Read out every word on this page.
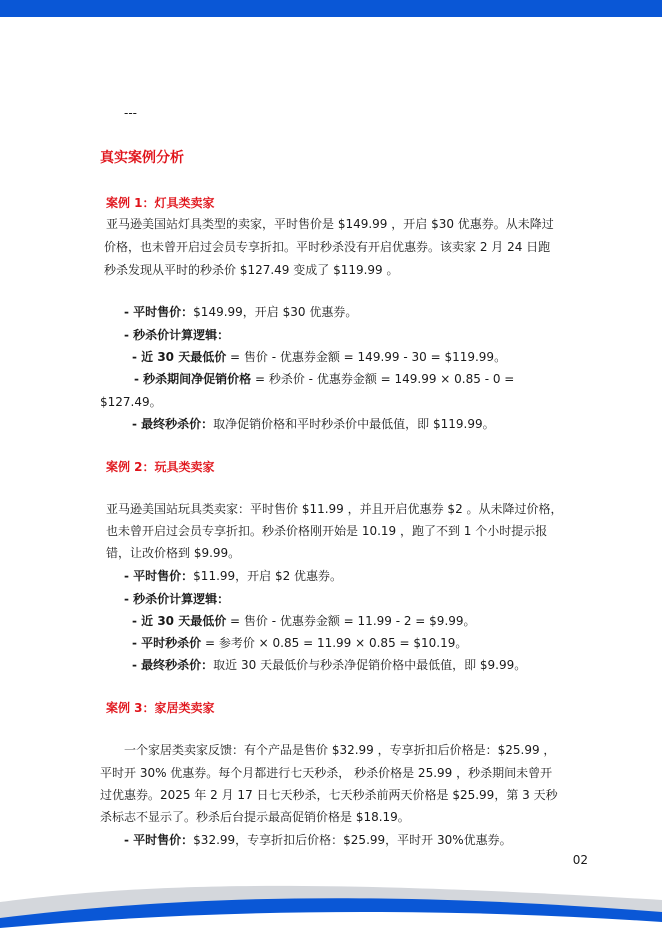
---
真实案例分析
案例 1：灯具类卖家
亚马逊美国站灯具类型的卖家，平时售价是 $149.99 ，开启 $30 优惠券。从未降过
价格，也未曾开启过会员专享折扣。平时秒杀没有开启优惠券。该卖家 2 月 24 日跑
秒杀发现从平时的秒杀价 $127.49 变成了 $119.99 。
- 平时售价：$149.99，开启 $30 优惠券。
- 秒杀价计算逻辑：
- 近 30 天最低价 = 售价 - 优惠券金额 = 149.99 - 30 = $119.99。
- 秒杀期间净促销价格 = 秒杀价 - 优惠券金额 = 149.99 × 0.85 - 0 =
$127.49。
- 最终秒杀价：取净促销价格和平时秒杀价中最低值，即 $119.99。
案例 2：玩具类卖家
亚马逊美国站玩具类卖家：平时售价 $11.99 ，并且开启优惠券 $2 。从未降过价格，
也未曾开启过会员专享折扣。秒杀价格刚开始是 10.19 ，跑了不到 1 个小时提示报
错，让改价格到 $9.99。
- 平时售价：$11.99，开启 $2 优惠券。
- 秒杀价计算逻辑：
- 近 30 天最低价 = 售价 - 优惠券金额 = 11.99 - 2 = $9.99。
- 平时秒杀价 = 参考价 × 0.85 = 11.99 × 0.85 = $10.19。
- 最终秒杀价：取近 30 天最低价与秒杀净促销价格中最低值，即 $9.99。
案例 3：家居类卖家
一个家居类卖家反馈：有个产品是售价 $32.99 ，专享折扣后价格是：$25.99 ，
平时开 30% 优惠券。每个月都进行七天秒杀， 秒杀价格是 25.99 ，秒杀期间未曾开
过优惠券。2025 年 2 月 17 日七天秒杀，七天秒杀前两天价格是 $25.99，第 3 天秒
杀标志不显示了。秒杀后台提示最高促销价格是 $18.19。
- 平时售价：$32.99，专享折扣后价格：$25.99，平时开 30%优惠券。
02
